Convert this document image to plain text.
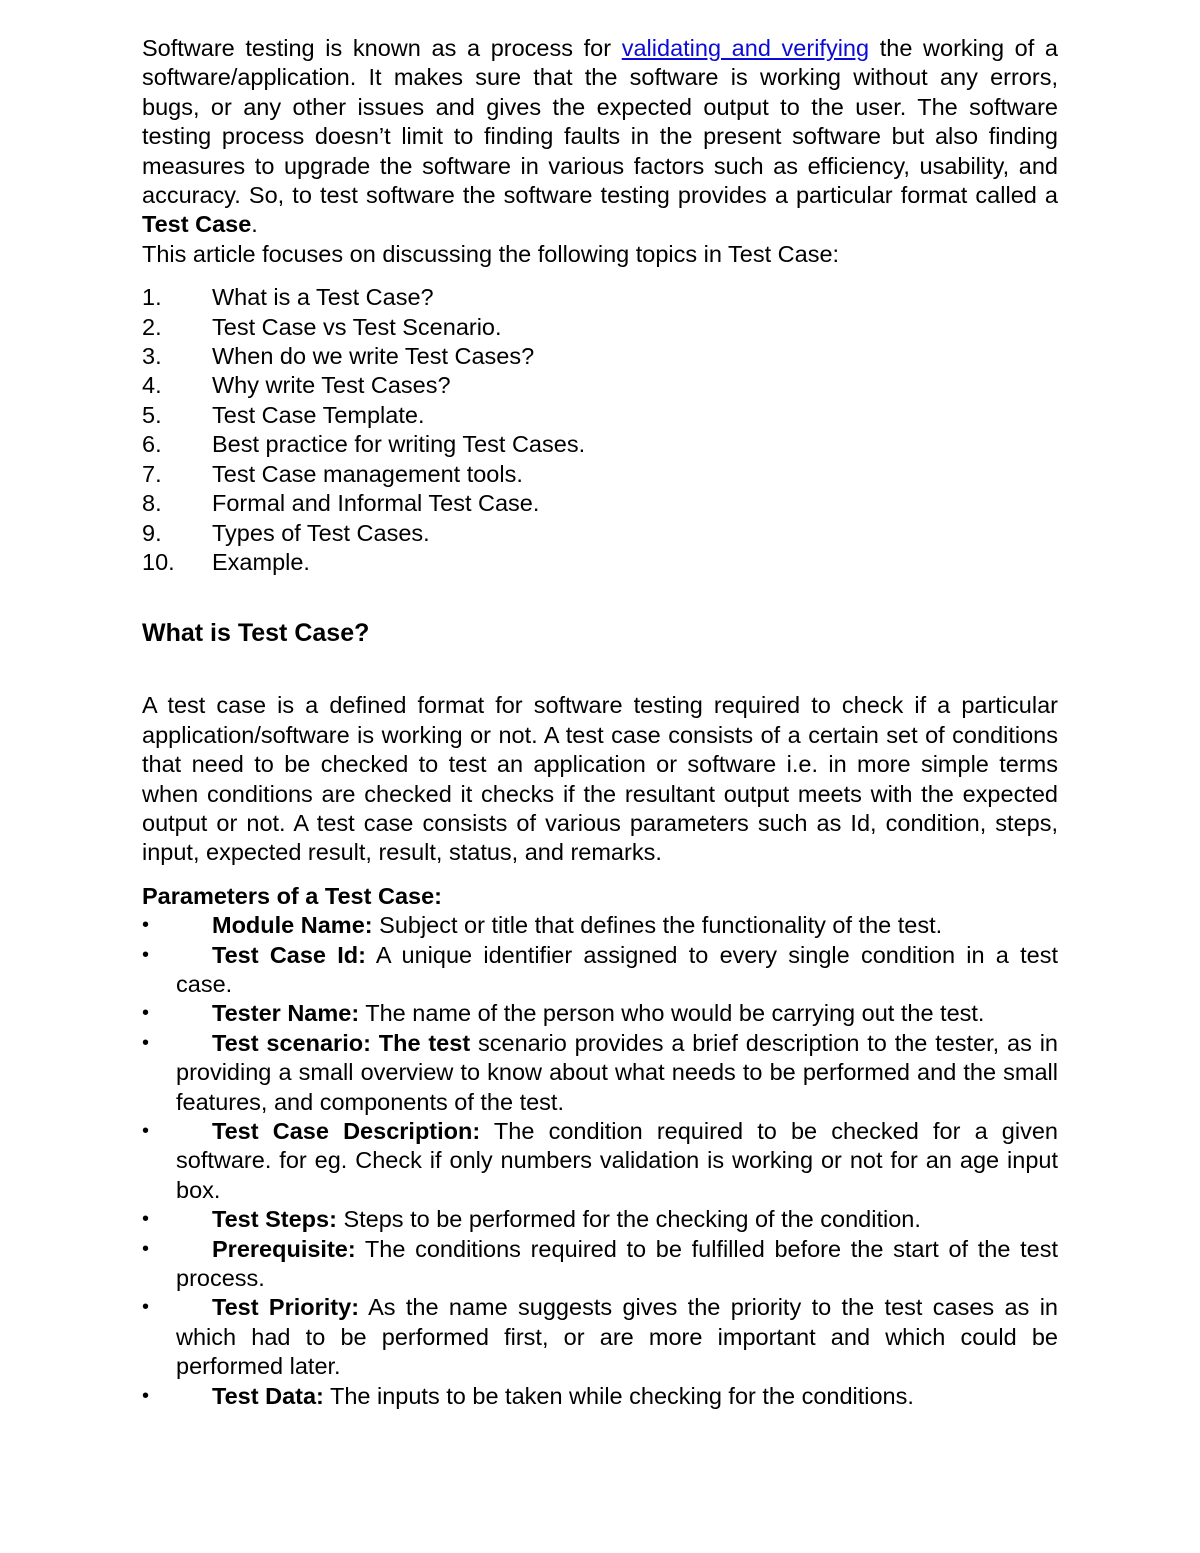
Software testing is known as a process for validating and verifying the working of a software/application. It makes sure that the software is working without any errors, bugs, or any other issues and gives the expected output to the user. The software testing process doesn’t limit to finding faults in the present software but also finding measures to upgrade the software in various factors such as efficiency, usability, and accuracy. So, to test software the software testing provides a particular format called a Test Case.

This article focuses on discussing the following topics in Test Case:

1. What is a Test Case?
2. Test Case vs Test Scenario.
3. When do we write Test Cases?
4. Why write Test Cases?
5. Test Case Template.
6. Best practice for writing Test Cases.
7. Test Case management tools.
8. Formal and Informal Test Case.
9. Types of Test Cases.
10. Example.
What is Test Case?

A test case is a defined format for software testing required to check if a particular application/software is working or not. A test case consists of a certain set of conditions that need to be checked to test an application or software i.e. in more simple terms when conditions are checked it checks if the resultant output meets with the expected output or not. A test case consists of various parameters such as Id, condition, steps, input, expected result, result, status, and remarks.

Parameters of a Test Case:

•	Module Name: Subject or title that defines the functionality of the test.
•	Test Case Id: A unique identifier assigned to every single condition in a test case.
•	Tester Name: The name of the person who would be carrying out the test.
•	Test scenario: The test scenario provides a brief description to the tester, as in providing a small overview to know about what needs to be performed and the small features, and components of the test.
•	Test Case Description: The condition required to be checked for a given software. for eg. Check if only numbers validation is working or not for an age input box.
•	Test Steps: Steps to be performed for the checking of the condition.
•	Prerequisite: The conditions required to be fulfilled before the start of the test process.
•	Test Priority: As the name suggests gives the priority to the test cases as in which had to be performed first, or are more important and which could be performed later.
•	Test Data: The inputs to be taken while checking for the conditions.
